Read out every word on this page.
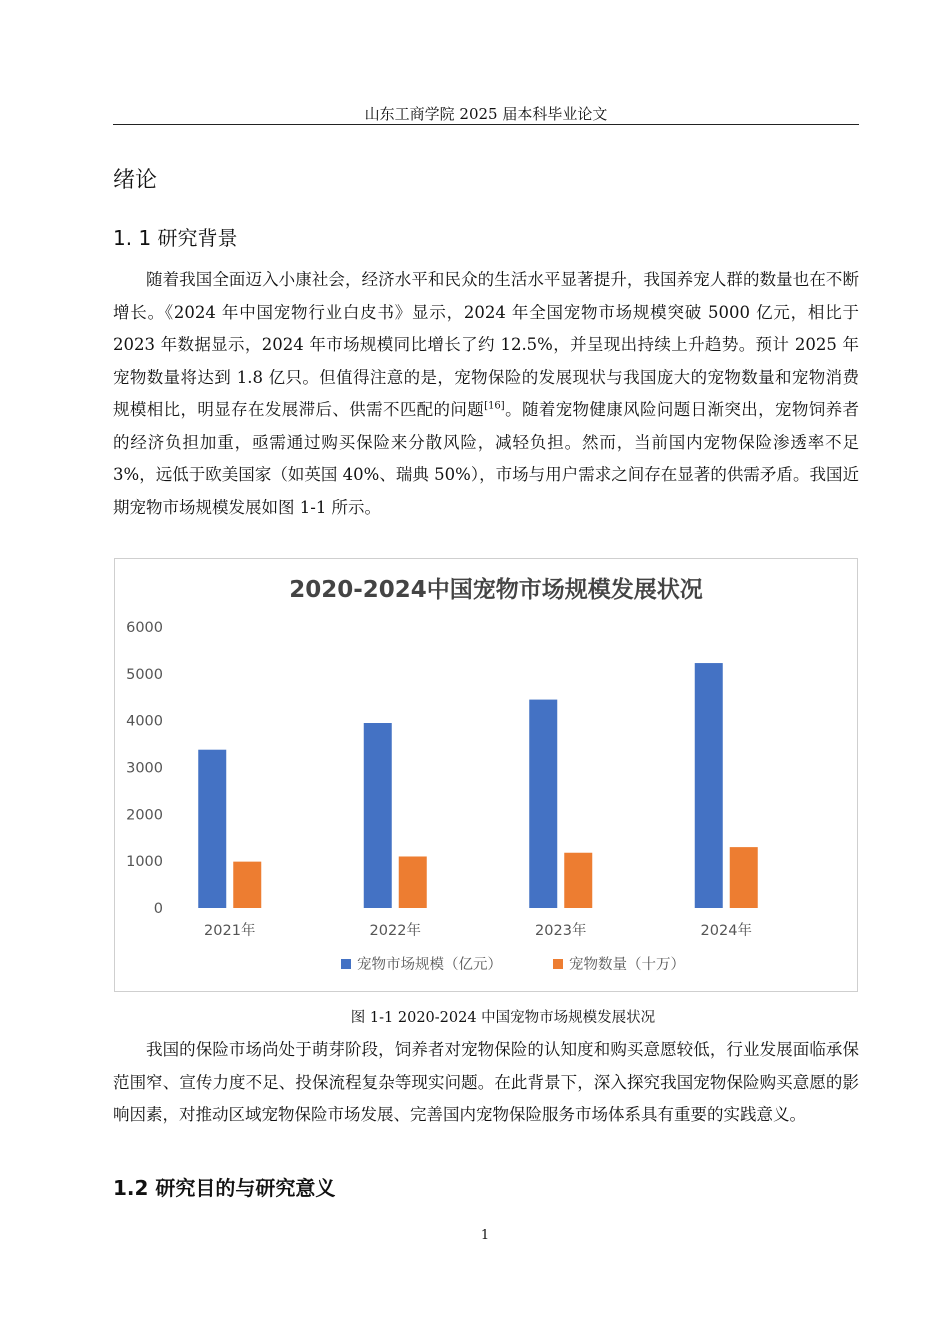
山东工商学院 2025 届本科毕业论文
绪论
1. 1 研究背景

随着我国全面迈入小康社会，经济水平和民众的生活水平显著提升，我国养宠人群的数量也在不断增长。《2024 年中国宠物行业白皮书》显示，2024 年全国宠物市场规模突破 5000 亿元，相比于 2023 年数据显示，2024 年市场规模同比增长了约 12.5%，并呈现出持续上升趋势。预计 2025 年宠物数量将达到 1.8 亿只。但值得注意的是，宠物保险的发展现状与我国庞大的宠物数量和宠物消费规模相比，明显存在发展滞后、供需不匹配的问题[16]。随着宠物健康风险问题日渐突出，宠物饲养者的经济负担加重，亟需通过购买保险来分散风险，减轻负担。然而，当前国内宠物保险渗透率不足 3%，远低于欧美国家（如英国 40%、瑞典 50%），市场与用户需求之间存在显著的供需矛盾。我国近期宠物市场规模发展如图 1-1 所示。

2020-2024中国宠物市场规模发展状况
0
1000
2000
3000
4000
5000
6000
2021年	2022年	2023年	2024年
宠物市场规模（亿元）	宠物数量（十万）
图 1-1 2020-2024 中国宠物市场规模发展状况

我国的保险市场尚处于萌芽阶段，饲养者对宠物保险的认知度和购买意愿较低，行业发展面临承保范围窄、宣传力度不足、投保流程复杂等现实问题。在此背景下，深入探究我国宠物保险购买意愿的影响因素，对推动区域宠物保险市场发展、完善国内宠物保险服务市场体系具有重要的实践意义。

1.2 研究目的与研究意义
1
